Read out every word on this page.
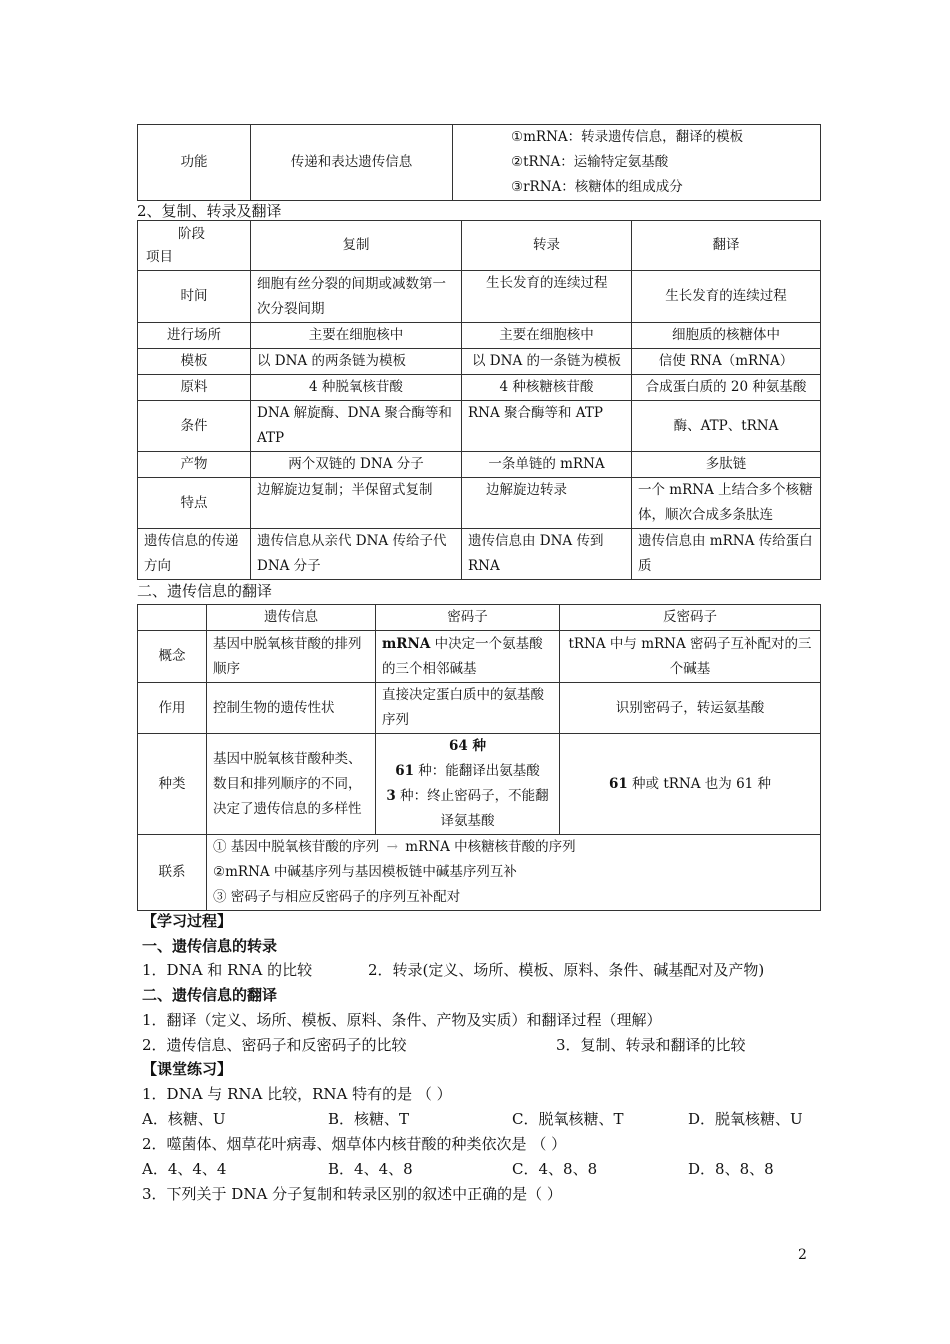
功能	传递和表达遗传信息	
①mRNA：转录遗传信息，翻译的模板
②tRNA：运输特定氨基酸
③rRNA：核糖体的组成成分
2、复制、转录及翻译
阶段
项目	复制	转录	翻译
时间	细胞有丝分裂的间期或减数第一次分裂间期	生长发育的连续过程	生长发育的连续过程
进行场所	主要在细胞核中	主要在细胞核中	细胞质的核糖体中
模板	以 DNA 的两条链为模板	以 DNA 的一条链为模板	信使 RNA（mRNA）
原料	4 种脱氧核苷酸	4 种核糖核苷酸	合成蛋白质的 20 种氨基酸
条件	DNA 解旋酶、DNA 聚合酶等和 ATP	RNA 聚合酶等和 ATP	酶、ATP、tRNA
产物	两个双链的 DNA 分子	一条单链的 mRNA	多肽链
特点	边解旋边复制；半保留式复制	边解旋边转录	一个 mRNA 上结合多个核糖体，顺次合成多条肽连
遗传信息的传递方向	遗传信息从亲代 DNA 传给子代 DNA 分子	遗传信息由 DNA 传到 RNA	遗传信息由 mRNA 传给蛋白质
二、遗传信息的翻译
	遗传信息	密码子	反密码子
概念	基因中脱氧核苷酸的排列顺序	mRNA 中决定一个氨基酸的三个相邻碱基	tRNA 中与 mRNA 密码子互补配对的三个碱基
作用	控制生物的遗传性状	直接决定蛋白质中的氨基酸序列	识别密码子，转运氨基酸
种类	基因中脱氧核苷酸种类、数目和排列顺序的不同，决定了遗传信息的多样性	64 种
61 种：能翻译出氨基酸
3 种：终止密码子，不能翻译氨基酸	61 种或 tRNA 也为 61 种
联系	① 基因中脱氧核苷酸的序列 → mRNA 中核糖核苷酸的序列
②mRNA 中碱基序列与基因模板链中碱基序列互补
③ 密码子与相应反密码子的序列互补配对		
【学习过程】
一、遗传信息的转录
1．DNA 和 RNA 的比较	2．转录(定义、场所、模板、原料、条件、碱基配对及产物)
二、遗传信息的翻译
1．翻译（定义、场所、模板、原料、条件、产物及实质）和翻译过程（理解）
2．遗传信息、密码子和反密码子的比较	3．复制、转录和翻译的比较
【课堂练习】
1．DNA 与 RNA 比较，RNA 特有的是 （ ）
A．核糖、U	B．核糖、T	C．脱氧核糖、T	D．脱氧核糖、U
2．噬菌体、烟草花叶病毒、烟草体内核苷酸的种类依次是 （ ）
A．4、4、4	B．4、4、8	C．4、8、8	D．8、8、8
3．下列关于 DNA 分子复制和转录区别的叙述中正确的是（ ）
2
